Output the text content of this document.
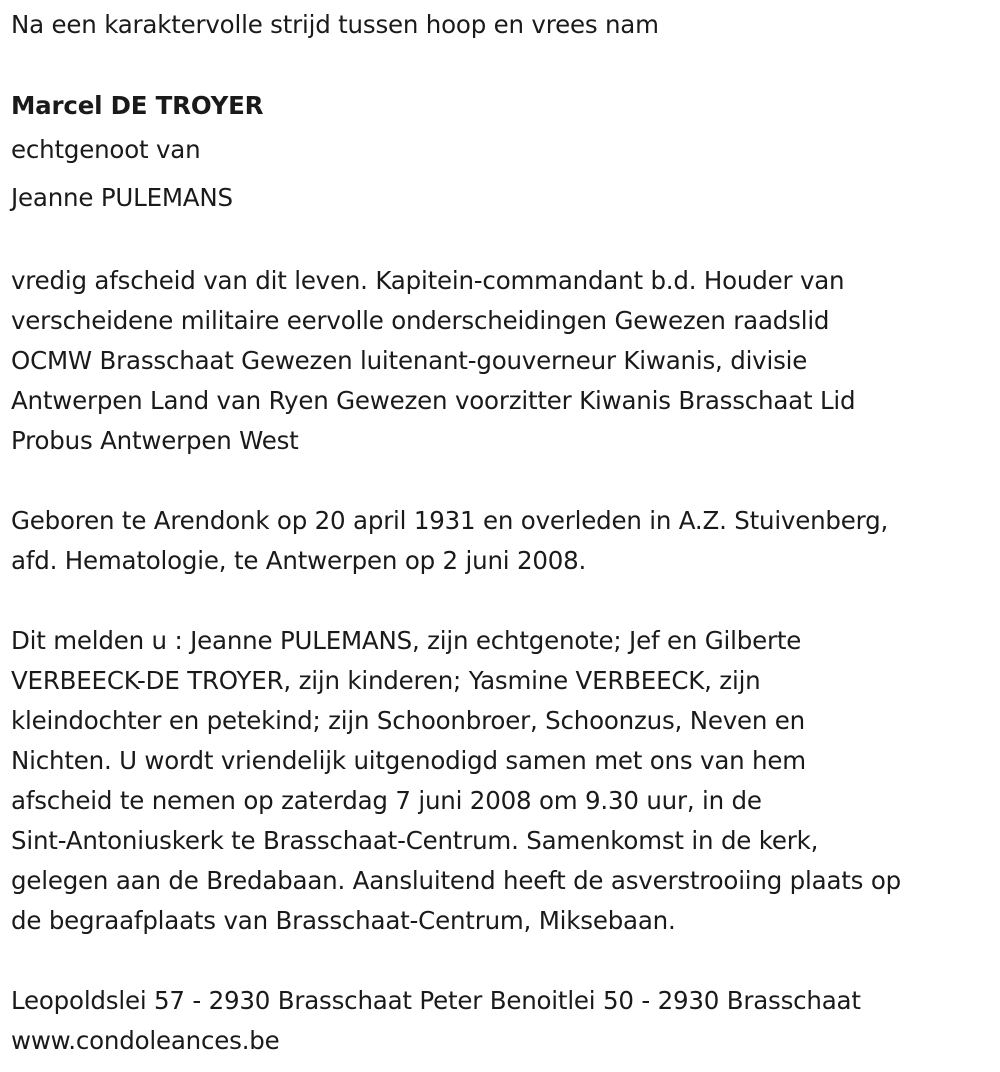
Na een karaktervolle strijd tussen hoop en vrees nam
Marcel DE TROYER
echtgenoot van
Jeanne PULEMANS
vredig afscheid van dit leven. Kapitein-commandant b.d. Houder van
verscheidene militaire eervolle onderscheidingen Gewezen raadslid
OCMW Brasschaat Gewezen luitenant-gouverneur Kiwanis, divisie
Antwerpen Land van Ryen Gewezen voorzitter Kiwanis Brasschaat Lid
Probus Antwerpen West
Geboren te Arendonk op 20 april 1931 en overleden in A.Z. Stuivenberg,
afd. Hematologie, te Antwerpen op 2 juni 2008.
Dit melden u : Jeanne PULEMANS, zijn echtgenote; Jef en Gilberte
VERBEECK-DE TROYER, zijn kinderen; Yasmine VERBEECK, zijn
kleindochter en petekind; zijn Schoonbroer, Schoonzus, Neven en
Nichten. U wordt vriendelijk uitgenodigd samen met ons van hem
afscheid te nemen op zaterdag 7 juni 2008 om 9.30 uur, in de
Sint-Antoniuskerk te Brasschaat-Centrum. Samenkomst in de kerk,
gelegen aan de Bredabaan. Aansluitend heeft de asverstrooiing plaats op
de begraafplaats van Brasschaat-Centrum, Miksebaan.
Leopoldslei 57 - 2930 Brasschaat Peter Benoitlei 50 - 2930 Brasschaat
www.condoleances.be
